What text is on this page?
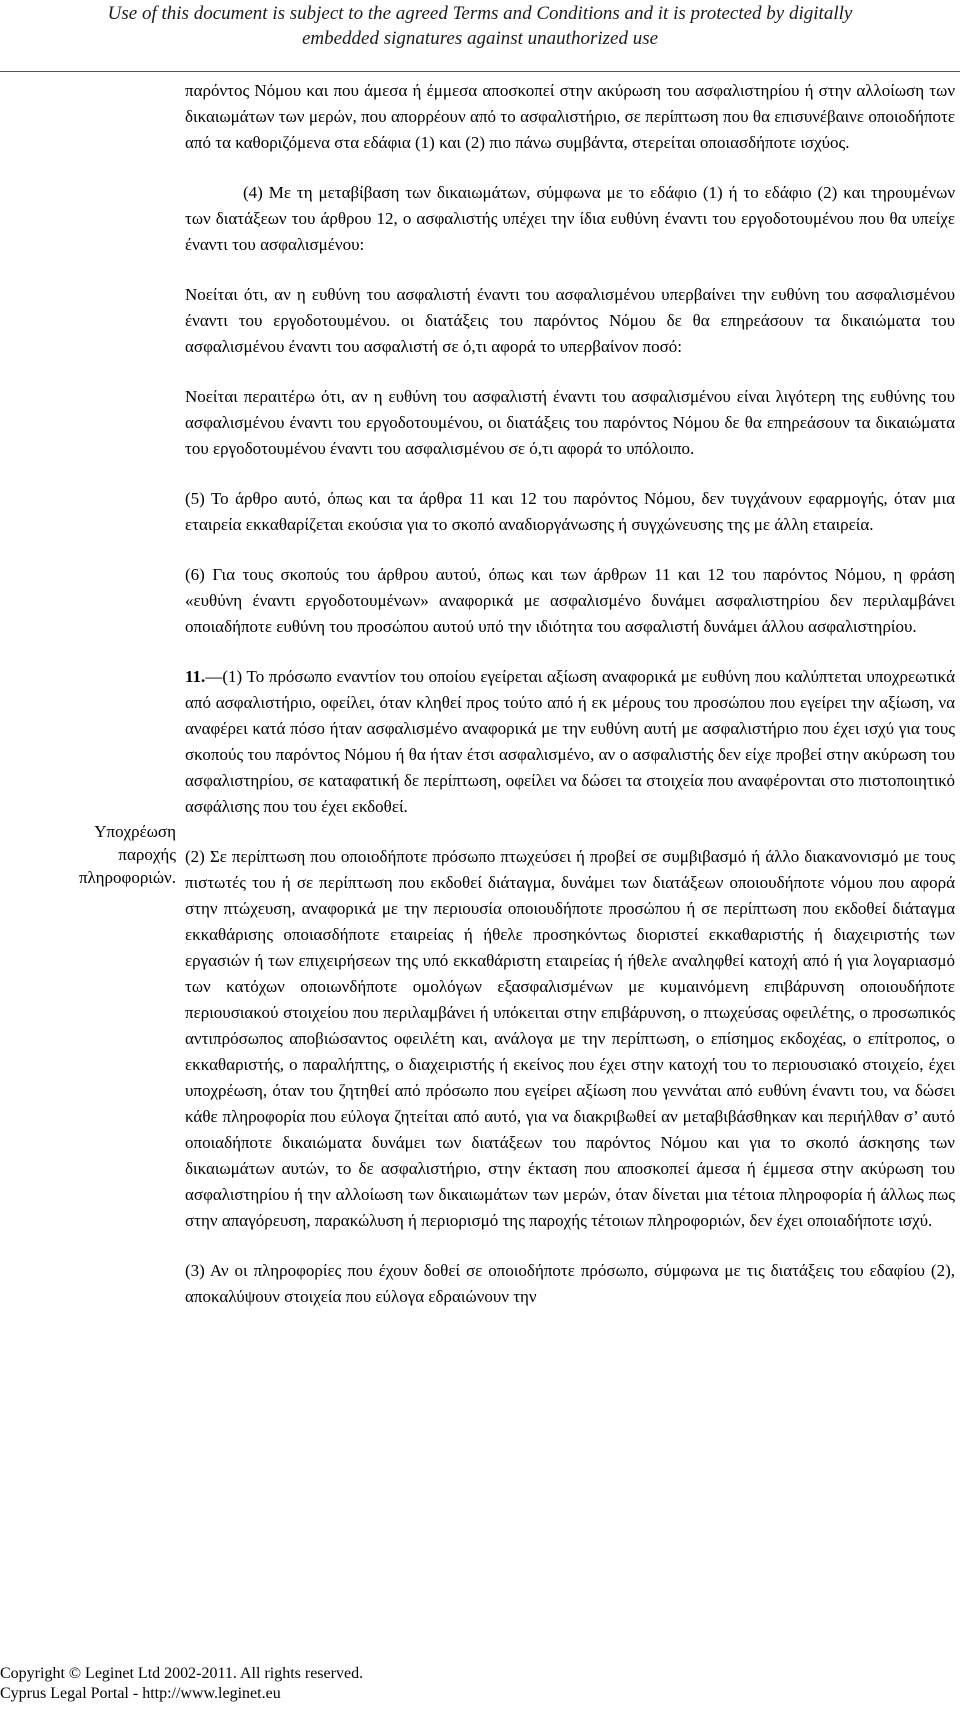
Use of this document is subject to the agreed Terms and Conditions and it is protected by digitally
embedded signatures against unauthorized use
Υποχρέωση
παροχής
πληροφοριών.

παρόντος Νόμου και που άμεσα ή έμμεσα αποσκοπεί στην ακύρωση του ασφαλιστηρίου ή στην αλλοίωση των δικαιωμάτων των μερών, που απορρέουν από το ασφαλιστήριο, σε περίπτωση που θα επισυνέβαινε οποιοδήποτε από τα καθοριζόμενα στα εδάφια (1) και (2) πιο πάνω συμβάντα, στερείται οποιασδήποτε ισχύος.

(4) Με τη μεταβίβαση των δικαιωμάτων, σύμφωνα με το εδάφιο (1) ή το εδάφιο (2) και τηρουμένων των διατάξεων του άρθρου 12, ο ασφαλιστής υπέχει την ίδια ευθύνη έναντι του εργοδοτουμένου που θα υπείχε έναντι του ασφαλισμένου:

Νοείται ότι, αν η ευθύνη του ασφαλιστή έναντι του ασφαλισμένου υπερβαίνει την ευθύνη του ασφαλισμένου έναντι του εργοδοτουμένου. οι διατάξεις του παρόντος Νόμου δε θα επηρεάσουν τα δικαιώματα του ασφαλισμένου έναντι του ασφαλιστή σε ό,τι αφορά το υπερβαίνον ποσό:

Νοείται περαιτέρω ότι, αν η ευθύνη του ασφαλιστή έναντι του ασφαλισμένου είναι λιγότερη της ευθύνης του ασφαλισμένου έναντι του εργοδοτουμένου, οι διατάξεις του παρόντος Νόμου δε θα επηρεάσουν τα δικαιώματα του εργοδοτουμένου έναντι του ασφαλισμένου σε ό,τι αφορά το υπόλοιπο.

(5) Το άρθρο αυτό, όπως και τα άρθρα 11 και 12 του παρόντος Νόμου, δεν τυγχάνουν εφαρμογής, όταν μια εταιρεία εκκαθαρίζεται εκούσια για το σκοπό αναδιοργάνωσης ή συγχώνευσης της με άλλη εταιρεία.

(6) Για τους σκοπούς του άρθρου αυτού, όπως και των άρθρων 11 και 12 του παρόντος Νόμου, η φράση «ευθύνη έναντι εργοδοτουμένων» αναφορικά με ασφαλισμένο δυνάμει ασφαλιστηρίου δεν περιλαμβάνει οποιαδήποτε ευθύνη του προσώπου αυτού υπό την ιδιότητα του ασφαλιστή δυνάμει άλλου ασφαλιστηρίου.

11.—(1) Το πρόσωπο εναντίον του οποίου εγείρεται αξίωση αναφορικά με ευθύνη που καλύπτεται υποχρεωτικά από ασφαλιστήριο, οφείλει, όταν κληθεί προς τούτο από ή εκ μέρους του προσώπου που εγείρει την αξίωση, να αναφέρει κατά πόσο ήταν ασφαλισμένο αναφορικά με την ευθύνη αυτή με ασφαλιστήριο που έχει ισχύ για τους σκοπούς του παρόντος Νόμου ή θα ήταν έτσι ασφαλισμένο, αν ο ασφαλιστής δεν είχε προβεί στην ακύρωση του ασφαλιστηρίου, σε καταφατική δε περίπτωση, οφείλει να δώσει τα στοιχεία που αναφέρονται στο πιστοποιητικό ασφάλισης που του έχει εκδοθεί.

(2) Σε περίπτωση που οποιοδήποτε πρόσωπο πτωχεύσει ή προβεί σε συμβιβασμό ή άλλο διακανονισμό με τους πιστωτές του ή σε περίπτωση που εκδοθεί διάταγμα, δυνάμει των διατάξεων οποιουδήποτε νόμου που αφορά στην πτώχευση, αναφορικά με την περιουσία οποιουδήποτε προσώπου ή σε περίπτωση που εκδοθεί διάταγμα εκκαθάρισης οποιασδήποτε εταιρείας ή ήθελε προσηκόντως διοριστεί εκκαθαριστής ή διαχειριστής των εργασιών ή των επιχειρήσεων της υπό εκκαθάριστη εταιρείας ή ήθελε αναληφθεί κατοχή από ή για λογαριασμό των κατόχων οποιωνδήποτε ομολόγων εξασφαλισμένων με κυμαινόμενη επιβάρυνση οποιουδήποτε περιουσιακού στοιχείου που περιλαμβάνει ή υπόκειται στην επιβάρυνση, ο πτωχεύσας οφειλέτης, ο προσωπικός αντιπρόσωπος αποβιώσαντος οφειλέτη και, ανάλογα με την περίπτωση, ο επίσημος εκδοχέας, ο επίτροπος, ο εκκαθαριστής, ο παραλήπτης, ο διαχειριστής ή εκείνος που έχει στην κατοχή του το περιουσιακό στοιχείο, έχει υποχρέωση, όταν του ζητηθεί από πρόσωπο που εγείρει αξίωση που γεννάται από ευθύνη έναντι του, να δώσει κάθε πληροφορία που εύλογα ζητείται από αυτό, για να διακριβωθεί αν μεταβιβάσθηκαν και περιήλθαν σ’ αυτό οποιαδήποτε δικαιώματα δυνάμει των διατάξεων του παρόντος Νόμου και για το σκοπό άσκησης των δικαιωμάτων αυτών, το δε ασφαλιστήριο, στην έκταση που αποσκοπεί άμεσα ή έμμεσα στην ακύρωση του ασφαλιστηρίου ή την αλλοίωση των δικαιωμάτων των μερών, όταν δίνεται μια τέτοια πληροφορία ή άλλως πως στην απαγόρευση, παρακώλυση ή περιορισμό της παροχής τέτοιων πληροφοριών, δεν έχει οποιαδήποτε ισχύ.

(3) Αν οι πληροφορίες που έχουν δοθεί σε οποιοδήποτε πρόσωπο, σύμφωνα με τις διατάξεις του εδαφίου (2), αποκαλύψουν στοιχεία που εύλογα εδραιώνουν την

Copyright © Leginet Ltd 2002-2011. All rights reserved.
Cyprus Legal Portal - http://www.leginet.eu
